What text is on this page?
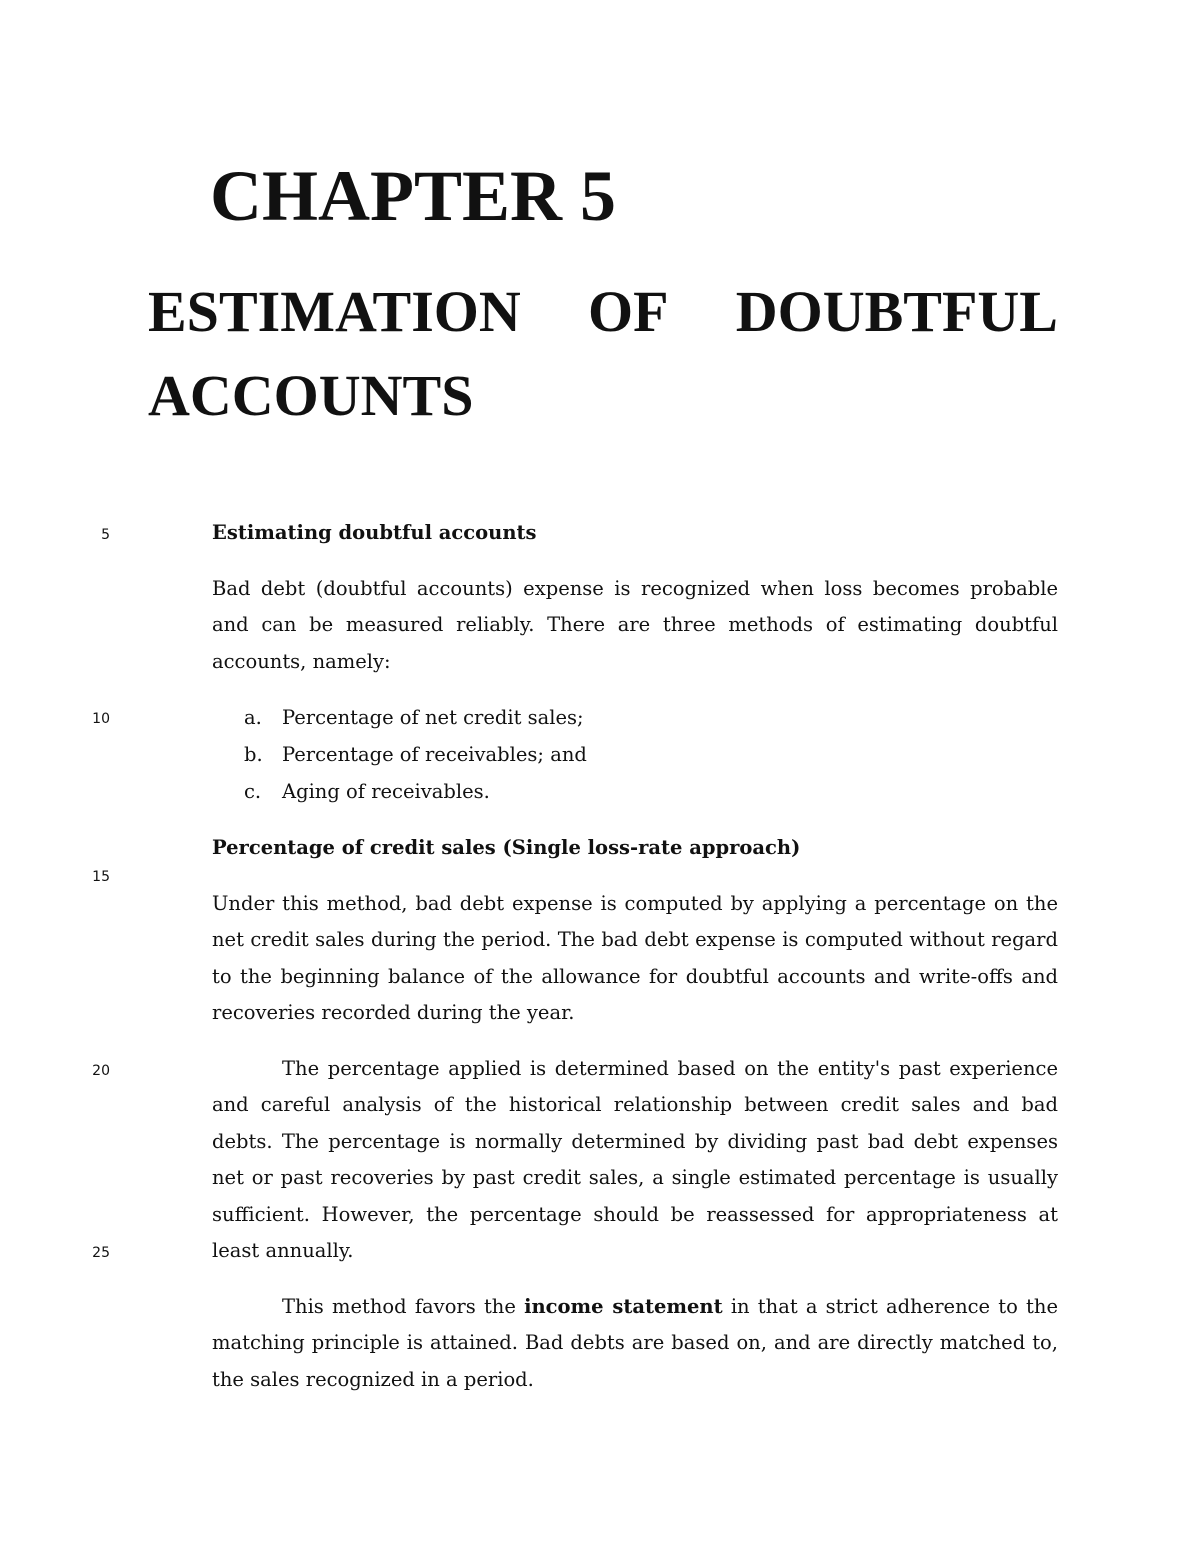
CHAPTER 5
ESTIMATION OF DOUBTFUL
ACCOUNTS
5
10
15
20
25
Estimating doubtful accounts

Bad debt (doubtful accounts) expense is recognized when loss becomes probable and can be measured reliably. There are three methods of estimating doubtful accounts, namely:

a.	Percentage of net credit sales;
b. Percentage of receivables; and
c.	Aging of receivables.
Percentage of credit sales (Single loss-rate approach)

Under this method, bad debt expense is computed by applying a percentage on the net credit sales during the period. The bad debt expense is computed without regard to the beginning balance of the allowance for doubtful accounts and write-offs and recoveries recorded during the year.

The percentage applied is determined based on the entity's past experience and careful analysis of the historical relationship between credit sales and bad debts. The percentage is normally determined by dividing past bad debt expenses net or past recoveries by past credit sales, a single estimated percentage is usually sufficient. However, the percentage should be reassessed for appropriateness at least annually.

This method favors the income statement in that a strict adherence to the matching principle is attained. Bad debts are based on, and are directly matched to, the sales recognized in a period.
